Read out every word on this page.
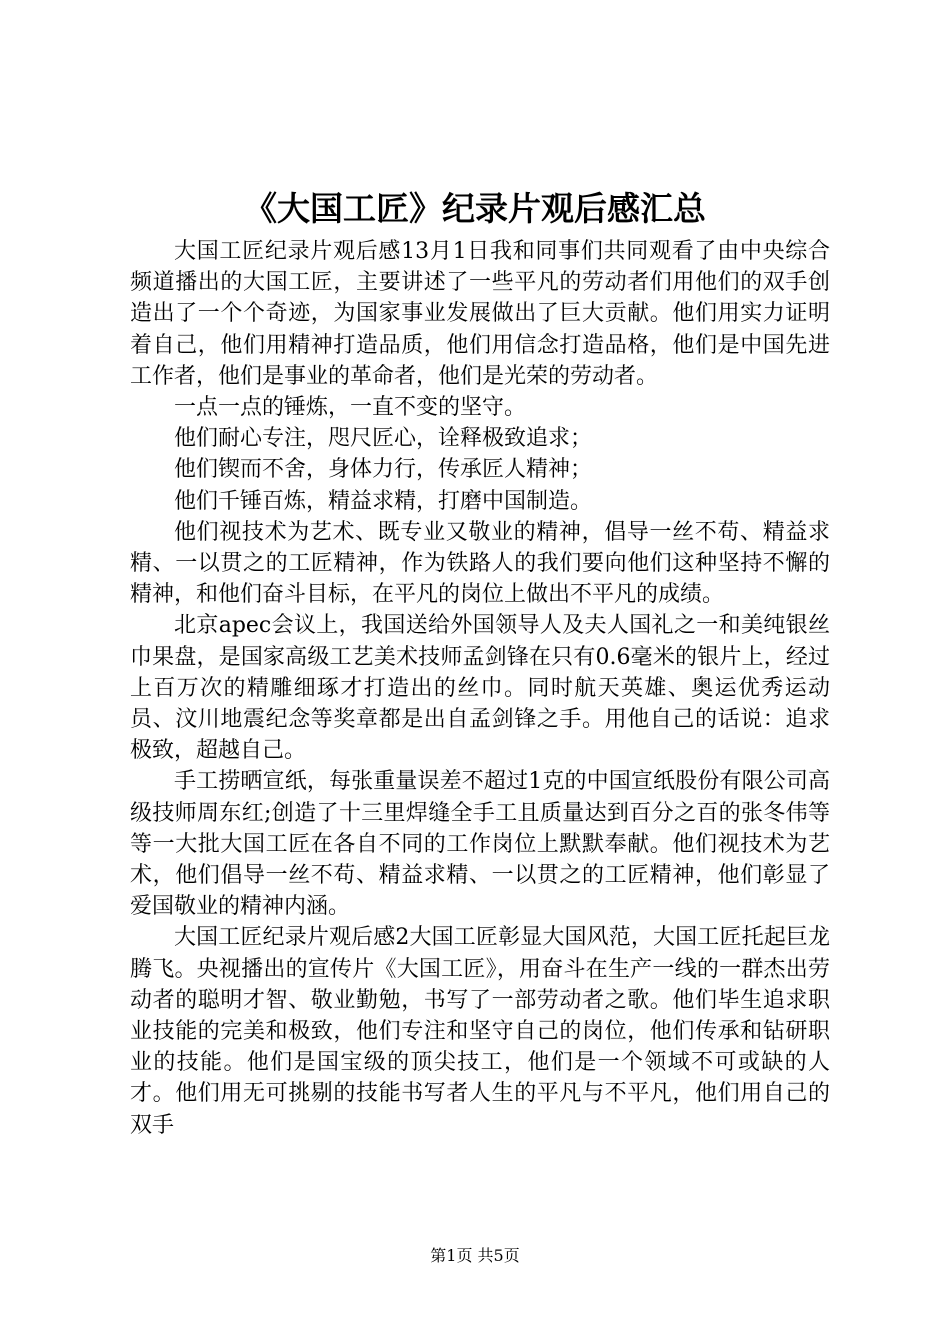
《大国工匠》纪录片观后感汇总

大国工匠纪录片观后感13月1日我和同事们共同观看了由中央综合频道播出的大国工匠，主要讲述了一些平凡的劳动者们用他们的双手创造出了一个个奇迹，为国家事业发展做出了巨大贡献。他们用实力证明着自己，他们用精神打造品质，他们用信念打造品格，他们是中国先进工作者，他们是事业的革命者，他们是光荣的劳动者。

一点一点的锤炼，一直不变的坚守。

他们耐心专注，咫尺匠心，诠释极致追求；

他们锲而不舍，身体力行，传承匠人精神；

他们千锤百炼，精益求精，打磨中国制造。

他们视技术为艺术、既专业又敬业的精神，倡导一丝不苟、精益求精、一以贯之的工匠精神，作为铁路人的我们要向他们这种坚持不懈的精神，和他们奋斗目标，在平凡的岗位上做出不平凡的成绩。

北京apec会议上，我国送给外国领导人及夫人国礼之一和美纯银丝巾果盘，是国家高级工艺美术技师孟剑锋在只有0.6毫米的银片上，经过上百万次的精雕细琢才打造出的丝巾。同时航天英雄、奥运优秀运动员、汶川地震纪念等奖章都是出自孟剑锋之手。用他自己的话说：追求极致，超越自己。

手工捞晒宣纸，每张重量误差不超过1克的中国宣纸股份有限公司高级技师周东红;创造了十三里焊缝全手工且质量达到百分之百的张冬伟等等一大批大国工匠在各自不同的工作岗位上默默奉献。他们视技术为艺术，他们倡导一丝不苟、精益求精、一以贯之的工匠精神，他们彰显了爱国敬业的精神内涵。

大国工匠纪录片观后感2大国工匠彰显大国风范，大国工匠托起巨龙腾飞。央视播出的宣传片《大国工匠》，用奋斗在生产一线的一群杰出劳动者的聪明才智、敬业勤勉，书写了一部劳动者之歌。他们毕生追求职业技能的完美和极致，他们专注和坚守自己的岗位，他们传承和钻研职业的技能。他们是国宝级的顶尖技工，他们是一个领域不可或缺的人才。他们用无可挑剔的技能书写者人生的平凡与不平凡，他们用自己的双手

第1页 共5页
